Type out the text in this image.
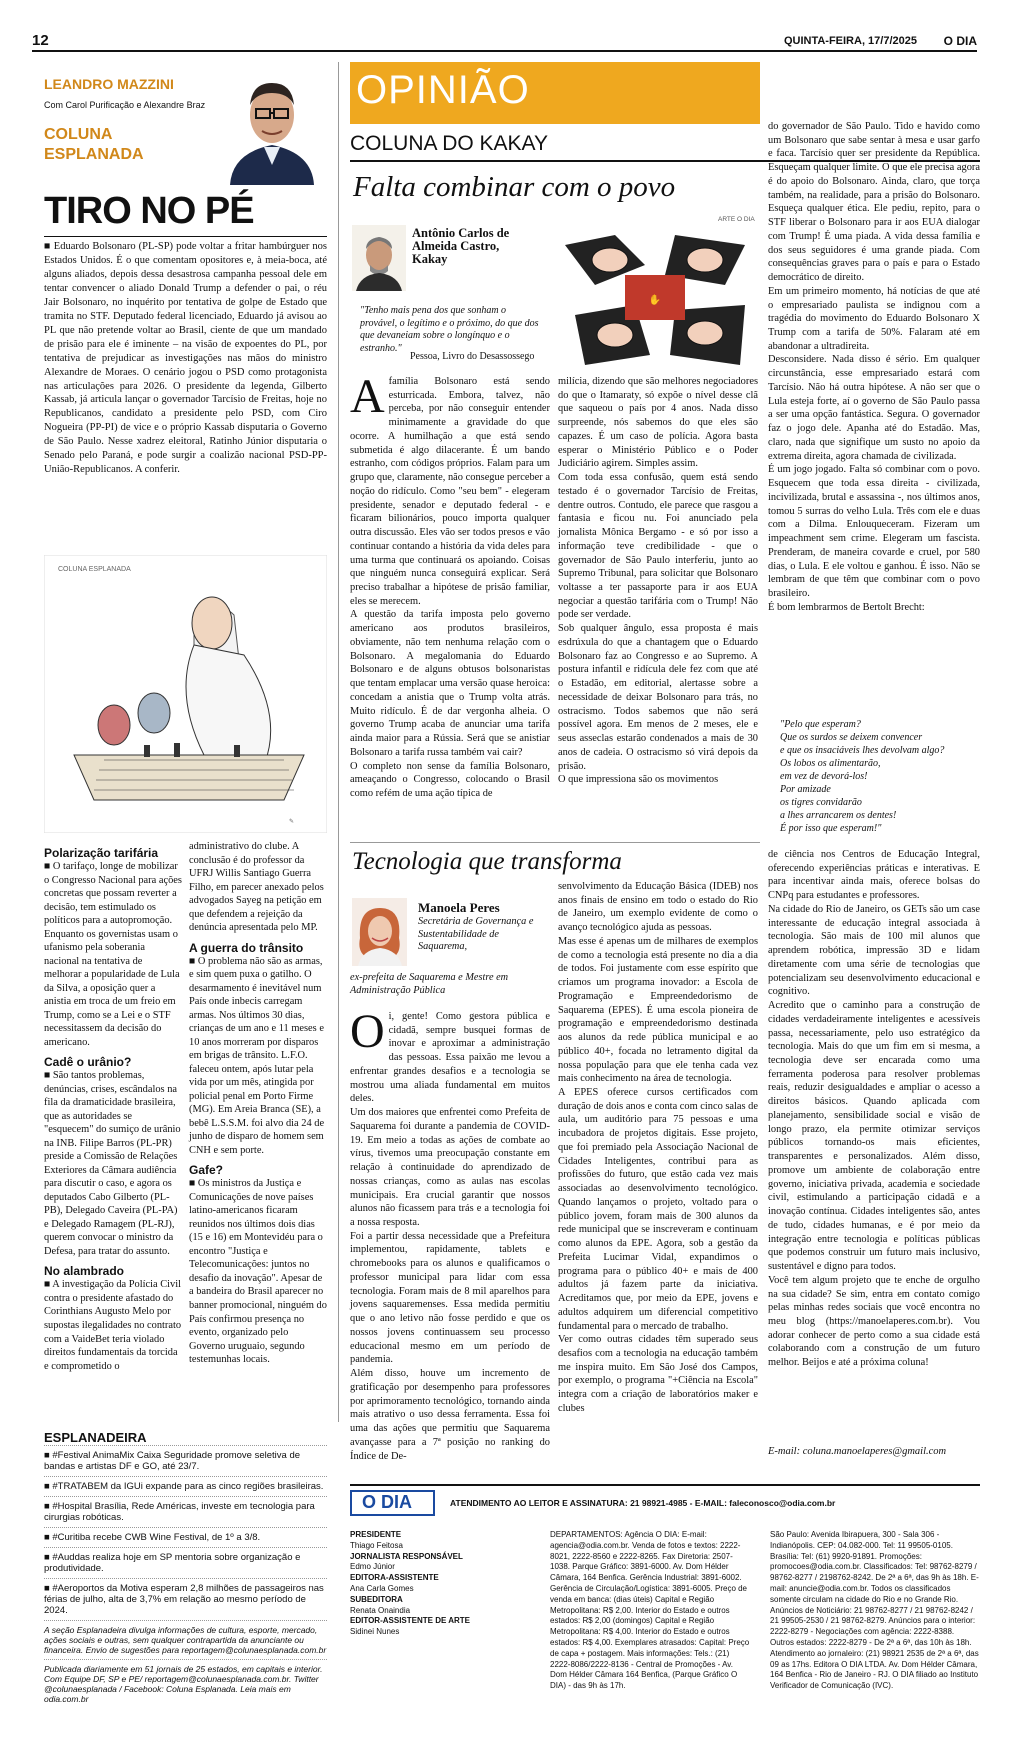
12	QUINTA-FEIRA, 17/7/2025 O DIA
LEANDRO MAZZINI
Com Carol Purificação e Alexandre Braz
COLUNA
ESPLANADA
TIRO NO PÉ
■ Eduardo Bolsonaro (PL-SP) pode voltar a fritar hambúrguer nos Estados Unidos. É o que comentam opositores e, à meia-boca, até alguns aliados, depois dessa desastrosa campanha pessoal dele em tentar convencer o aliado Donald Trump a defender o pai, o réu Jair Bolsonaro, no inquérito por tentativa de golpe de Estado que tramita no STF. Deputado federal licenciado, Eduardo já avisou ao PL que não pretende voltar ao Brasil, ciente de que um mandado de prisão para ele é iminente – na visão de expoentes do PL, por tentativa de prejudicar as investigações nas mãos do ministro Alexandre de Moraes. O cenário jogou o PSD como protagonista nas articulações para 2026. O presidente da legenda, Gilberto Kassab, já articula lançar o governador Tarcísio de Freitas, hoje no Republicanos, candidato a presidente pelo PSD, com Ciro Nogueira (PP-PI) de vice e o próprio Kassab disputaria o Governo de São Paulo. Nesse xadrez eleitoral, Ratinho Júnior disputaria o Senado pelo Paraná, e pode surgir a coalizão nacional PSD-PP-União-Republicanos. A conferir.
COLUNA ESPLANADA
✎
Polarização tarifária
■ O tarifaço, longe de mobilizar o Congresso Nacional para ações concretas que possam reverter a decisão, tem estimulado os políticos para a autopromoção. Enquanto os governistas usam o ufanismo pela soberania nacional na tentativa de melhorar a popularidade de Lula da Silva, a oposição quer a anistia em troca de um freio em Trump, como se a Lei e o STF necessitassem da decisão do americano.
Cadê o urânio?
■ São tantos problemas, denúncias, crises, escândalos na fila da dramaticidade brasileira, que as autoridades se "esquecem" do sumiço de urânio na INB. Filipe Barros (PL-PR) preside a Comissão de Relações Exteriores da Câmara audiência para discutir o caso, e agora os deputados Cabo Gilberto (PL-PB), Delegado Caveira (PL-PA) e Delegado Ramagem (PL-RJ), querem convocar o ministro da Defesa, para tratar do assunto.
No alambrado
■ A investigação da Polícia Civil contra o presidente afastado do Corinthians Augusto Melo por supostas ilegalidades no contrato com a VaideBet teria violado direitos fundamentais da torcida e comprometido o
administrativo do clube. A conclusão é do professor da UFRJ Willis Santiago Guerra Filho, em parecer anexado pelos advogados Sayeg na petição em que defendem a rejeição da denúncia apresentada pelo MP.
A guerra do trânsito
■ O problema não são as armas, e sim quem puxa o gatilho. O desarmamento é inevitável num País onde inbecis carregam armas. Nos últimos 30 dias, crianças de um ano e 11 meses e 10 anos morreram por disparos em brigas de trânsito. L.F.O. faleceu ontem, após lutar pela vida por um mês, atingida por policial penal em Porto Firme (MG). Em Areia Branca (SE), a bebê L.S.S.M. foi alvo dia 24 de junho de disparo de homem sem CNH e sem porte.
Gafe?
■ Os ministros da Justiça e Comunicações de nove países latino-americanos ficaram reunidos nos últimos dois dias (15 e 16) em Montevidéu para o encontro "Justiça e Telecomunicações: juntos no desafio da inovação". Apesar de a bandeira do Brasil aparecer no banner promocional, ninguém do País confirmou presença no evento, organizado pelo Governo uruguaio, segundo testemunhas locais.
ESPLANADEIRA
■ #Festival AnimaMix Caixa Seguridade promove seletiva de bandas e artistas DF e GO, até 23/7.
■ #TRATABEM da IGUi expande para as cinco regiões brasileiras.
■ #Hospital Brasília, Rede Américas, investe em tecnologia para cirurgias robóticas.
■ #Curitiba recebe CWB Wine Festival, de 1º a 3/8.
■ #Auddas realiza hoje em SP mentoria sobre organização e produtividade.
■ #Aeroportos da Motiva esperam 2,8 milhões de passageiros nas férias de julho, alta de 3,7% em relação ao mesmo período de 2024.
A seção Esplanadeira divulga informações de cultura, esporte, mercado, ações sociais e outras, sem qualquer contrapartida da anunciante ou financeira. Envio de sugestões para reportagem@colunaesplanada.com.br
Publicada diariamente em 51 jornais de 25 estados, em capitais e interior. Com Equipe DF, SP e PE/ reportagem@colunaesplanada.com.br. Twitter @colunaesplanada / Facebook: Coluna Esplanada. Leia mais em odia.com.br
OPINIÃO
COLUNA DO KAKAY
Falta combinar com o povo
Antônio Carlos de Almeida Castro, Kakay
"Tenho mais pena dos que sonham o provável, o legítimo e o próximo, do que dos que devaneiam sobre o longínquo e o estranho."
Pessoa, Livro do Desassossego
✋
ARTE O DIA
Afamília Bolsonaro está sendo esturricada. Embora, talvez, não perceba, por não conseguir entender minimamente a gravidade do que ocorre. A humilhação a que está sendo submetida é algo dilacerante. É um bando estranho, com códigos próprios. Falam para um grupo que, claramente, não consegue perceber a noção do ridículo. Como "seu bem" - elegeram presidente, senador e deputado federal - e ficaram bilionários, pouco importa qualquer outra discussão. Eles vão ser todos presos e vão continuar contando a história da vida deles para uma turma que continuará os apoiando. Coisas que ninguém nunca conseguirá explicar. Será preciso trabalhar a hipótese de prisão familiar, eles se merecem.
A questão da tarifa imposta pelo governo americano aos produtos brasileiros, obviamente, não tem nenhuma relação com o Bolsonaro. A megalomania do Eduardo Bolsonaro e de alguns obtusos bolsonaristas que tentam emplacar uma versão quase heroica: concedam a anistia que o Trump volta atrás. Muito ridículo. É de dar vergonha alheia. O governo Trump acaba de anunciar uma tarifa ainda maior para a Rússia. Será que se anistiar Bolsonaro a tarifa russa também vai cair?
O completo non sense da família Bolsonaro, ameaçando o Congresso, colocando o Brasil como refém de uma ação típica de
milícia, dizendo que são melhores negociadores do que o Itamaraty, só expõe o nível desse clã que saqueou o país por 4 anos. Nada disso surpreende, nós sabemos do que eles são capazes. É um caso de polícia. Agora basta esperar o Ministério Público e o Poder Judiciário agirem. Simples assim.
Com toda essa confusão, quem está sendo testado é o governador Tarcísio de Freitas, dentre outros. Contudo, ele parece que rasgou a fantasia e ficou nu. Foi anunciado pela jornalista Mônica Bergamo - e só por isso a informação teve credibilidade - que o governador de São Paulo interferiu, junto ao Supremo Tribunal, para solicitar que Bolsonaro voltasse a ter passaporte para ir aos EUA negociar a questão tarifária com o Trump! Não pode ser verdade.
Sob qualquer ângulo, essa proposta é mais esdrúxula do que a chantagem que o Eduardo Bolsonaro faz ao Congresso e ao Supremo. A postura infantil e ridícula dele fez com que até o Estadão, em editorial, alertasse sobre a necessidade de deixar Bolsonaro para trás, no ostracismo. Todos sabemos que não será possível agora. Em menos de 2 meses, ele e seus asseclas estarão condenados a mais de 30 anos de cadeia. O ostracismo só virá depois da prisão.
O que impressiona são os movimentos
do governador de São Paulo. Tido e havido como um Bolsonaro que sabe sentar à mesa e usar garfo e faca. Tarcísio quer ser presidente da República. Esqueçam qualquer limite. O que ele precisa agora é do apoio do Bolsonaro. Ainda, claro, que torça também, na realidade, para a prisão do Bolsonaro. Esqueça qualquer ética. Ele pediu, repito, para o STF liberar o Bolsonaro para ir aos EUA dialogar com Trump! É uma piada. A vida dessa família e dos seus seguidores é uma grande piada. Com consequências graves para o país e para o Estado democrático de direito.
Em um primeiro momento, há notícias de que até o empresariado paulista se indignou com a tragédia do movimento do Eduardo Bolsonaro X Trump com a tarifa de 50%. Falaram até em abandonar a ultradireita.
Desconsidere. Nada disso é sério. Em qualquer circunstância, esse empresariado estará com Tarcísio. Não há outra hipótese. A não ser que o Lula esteja forte, aí o governo de São Paulo passa a ser uma opção fantástica. Segura. O governador faz o jogo dele. Apanha até do Estadão. Mas, claro, nada que signifique um susto no apoio da extrema direita, agora chamada de civilizada.
É um jogo jogado. Falta só combinar com o povo. Esquecem que toda essa direita - civilizada, incivilizada, brutal e assassina -, nos últimos anos, tomou 5 surras do velho Lula. Três com ele e duas com a Dilma. Enlouqueceram. Fizeram um impeachment sem crime. Elegeram um fascista. Prenderam, de maneira covarde e cruel, por 580 dias, o Lula. E ele voltou e ganhou. É isso. Não se lembram de que têm que combinar com o povo brasileiro.
É bom lembrarmos de Bertolt Brecht:
"Pelo que esperam?
Que os surdos se deixem convencer
e que os insaciáveis lhes devolvam algo?
Os lobos os alimentarão,
em vez de devorá-los!
Por amizade
os tigres convidarão
a lhes arrancarem os dentes!
É por isso que esperam!"
Tecnologia que transforma
Manoela Peres
Secretária de Governança e Sustentabilidade de Saquarema,
ex-prefeita de Saquarema e Mestre em Administração Pública
Oi, gente! Como gestora pública e cidadã, sempre busquei formas de inovar e aproximar a administração das pessoas. Essa paixão me levou a enfrentar grandes desafios e a tecnologia se mostrou uma aliada fundamental em muitos deles.
Um dos maiores que enfrentei como Prefeita de Saquarema foi durante a pandemia de COVID-19. Em meio a todas as ações de combate ao vírus, tivemos uma preocupação constante em relação à continuidade do aprendizado de nossas crianças, como as aulas nas escolas municipais. Era crucial garantir que nossos alunos não ficassem para trás e a tecnologia foi a nossa resposta.
Foi a partir dessa necessidade que a Prefeitura implementou, rapidamente, tablets e chromebooks para os alunos e qualificamos o professor municipal para lidar com essa tecnologia. Foram mais de 8 mil aparelhos para jovens saquaremenses. Essa medida permitiu que o ano letivo não fosse perdido e que os nossos jovens continuassem seu processo educacional mesmo em um período de pandemia.
Além disso, houve um incremento de gratificação por desempenho para professores por aprimoramento tecnológico, tornando ainda mais atrativo o uso dessa ferramenta. Essa foi uma das ações que permitiu que Saquarema avançasse para a 7ª posição no ranking do Índice de De-
senvolvimento da Educação Básica (IDEB) nos anos finais de ensino em todo o estado do Rio de Janeiro, um exemplo evidente de como o avanço tecnológico ajuda as pessoas.
Mas esse é apenas um de milhares de exemplos de como a tecnologia está presente no dia a dia de todos. Foi justamente com esse espírito que criamos um programa inovador: a Escola de Programação e Empreendedorismo de Saquarema (EPES). É uma escola pioneira de programação e empreendedorismo destinada aos alunos da rede pública municipal e ao público 40+, focada no letramento digital da nossa população para que ele tenha cada vez mais conhecimento na área de tecnologia.
A EPES oferece cursos certificados com duração de dois anos e conta com cinco salas de aula, um auditório para 75 pessoas e uma incubadora de projetos digitais. Esse projeto, que foi premiado pela Associação Nacional de Cidades Inteligentes, contribui para as profissões do futuro, que estão cada vez mais associadas ao desenvolvimento tecnológico. Quando lançamos o projeto, voltado para o público jovem, foram mais de 300 alunos da rede municipal que se inscreveram e continuam como alunos da EPE. Agora, sob a gestão da Prefeita Lucimar Vidal, expandimos o programa para o público 40+ e mais de 400 adultos já fazem parte da iniciativa. Acreditamos que, por meio da EPE, jovens e adultos adquirem um diferencial competitivo fundamental para o mercado de trabalho.
Ver como outras cidades têm superado seus desafios com a tecnologia na educação também me inspira muito. Em São José dos Campos, por exemplo, o programa "+Ciência na Escola" integra com a criação de laboratórios maker e clubes
de ciência nos Centros de Educação Integral, oferecendo experiências práticas e interativas. E para incentivar ainda mais, oferece bolsas do CNPq para estudantes e professores.
Na cidade do Rio de Janeiro, os GETs são um case interessante de educação integral associada à tecnologia. São mais de 100 mil alunos que aprendem robótica, impressão 3D e lidam diretamente com uma série de tecnologias que potencializam seu desenvolvimento educacional e cognitivo.
Acredito que o caminho para a construção de cidades verdadeiramente inteligentes e acessíveis passa, necessariamente, pelo uso estratégico da tecnologia. Mais do que um fim em si mesma, a tecnologia deve ser encarada como uma ferramenta poderosa para resolver problemas reais, reduzir desigualdades e ampliar o acesso a direitos básicos. Quando aplicada com planejamento, sensibilidade social e visão de longo prazo, ela permite otimizar serviços públicos tornando-os mais eficientes, transparentes e personalizados. Além disso, promove um ambiente de colaboração entre governo, iniciativa privada, academia e sociedade civil, estimulando a participação cidadã e a inovação contínua. Cidades inteligentes são, antes de tudo, cidades humanas, e é por meio da integração entre tecnologia e políticas públicas que podemos construir um futuro mais inclusivo, sustentável e digno para todos.
Você tem algum projeto que te enche de orgulho na sua cidade? Se sim, entra em contato comigo pelas minhas redes sociais que você encontra no meu blog (https://manoelaperes.com.br). Vou adorar conhecer de perto como a sua cidade está colaborando com a construção de um futuro melhor. Beijos e até a próxima coluna!
E-mail: coluna.manoelaperes@gmail.com
O DIA	ATENDIMENTO AO LEITOR E ASSINATURA: 21 98921-4985 - E-MAIL: faleconosco@odia.com.br
PRESIDENTE
Thiago Feitosa
JORNALISTA RESPONSÁVEL
Edmo Júnior
EDITORA-ASSISTENTE
Ana Carla Gomes
SUBEDITORA
Renata Onaindia
EDITOR-ASSISTENTE DE ARTE
Sidinei Nunes
DEPARTAMENTOS: Agência O DIA: E-mail: agencia@odia.com.br. Venda de fotos e textos: 2222-8021, 2222-8560 e 2222-8265. Fax Diretoria: 2507-1038. Parque Gráfico: 3891-6000. Av. Dom Hélder Câmara, 164 Benfica. Gerência Industrial: 3891-6002. Gerência de Circulação/Logística: 3891-6005. Preço de venda em banca: (dias úteis) Capital e Região Metropolitana: R$ 2,00. Interior do Estado e outros estados: R$ 2,00 (domingos) Capital e Região Metropolitana: R$ 4,00. Interior do Estado e outros estados: R$ 4,00. Exemplares atrasados: Capital: Preço de capa + postagem. Mais informações: Tels.: (21) 2222-8086/2222-8136 - Central de Promoções - Av. Dom Hélder Câmara 164 Benfica, (Parque Gráfico O DIA) - das 9h às 17h.
São Paulo: Avenida Ibirapuera, 300 - Sala 306 - Indianópolis. CEP: 04.082-000. Tel: 11 99505-0105. Brasília: Tel: (61) 9920-91891. Promoções: promocoes@odia.com.br. Classificados: Tel: 98762-8279 / 98762-8277 / 2198762-8242. De 2ª a 6ª, das 9h às 18h. E-mail: anuncie@odia.com.br. Todos os classificados somente circulam na cidade do Rio e no Grande Rio. Anúncios de Noticiário: 21 98762-8277 / 21 98762-8242 / 21 99505-2530 / 21 98762-8279. Anúncios para o interior: 2222-8279 - Negociações com agência: 2222-8388. Outros estados: 2222-8279 - De 2ª a 6ª, das 10h às 18h. Atendimento ao jornaleiro: (21) 98921 2535 de 2ª a 6ª, das 09 as 17hs. Editora O DIA LTDA. Av. Dom Hélder Câmara, 164 Benfica - Rio de Janeiro - RJ. O DIA filiado ao Instituto Verificador de Comunicação (IVC).
